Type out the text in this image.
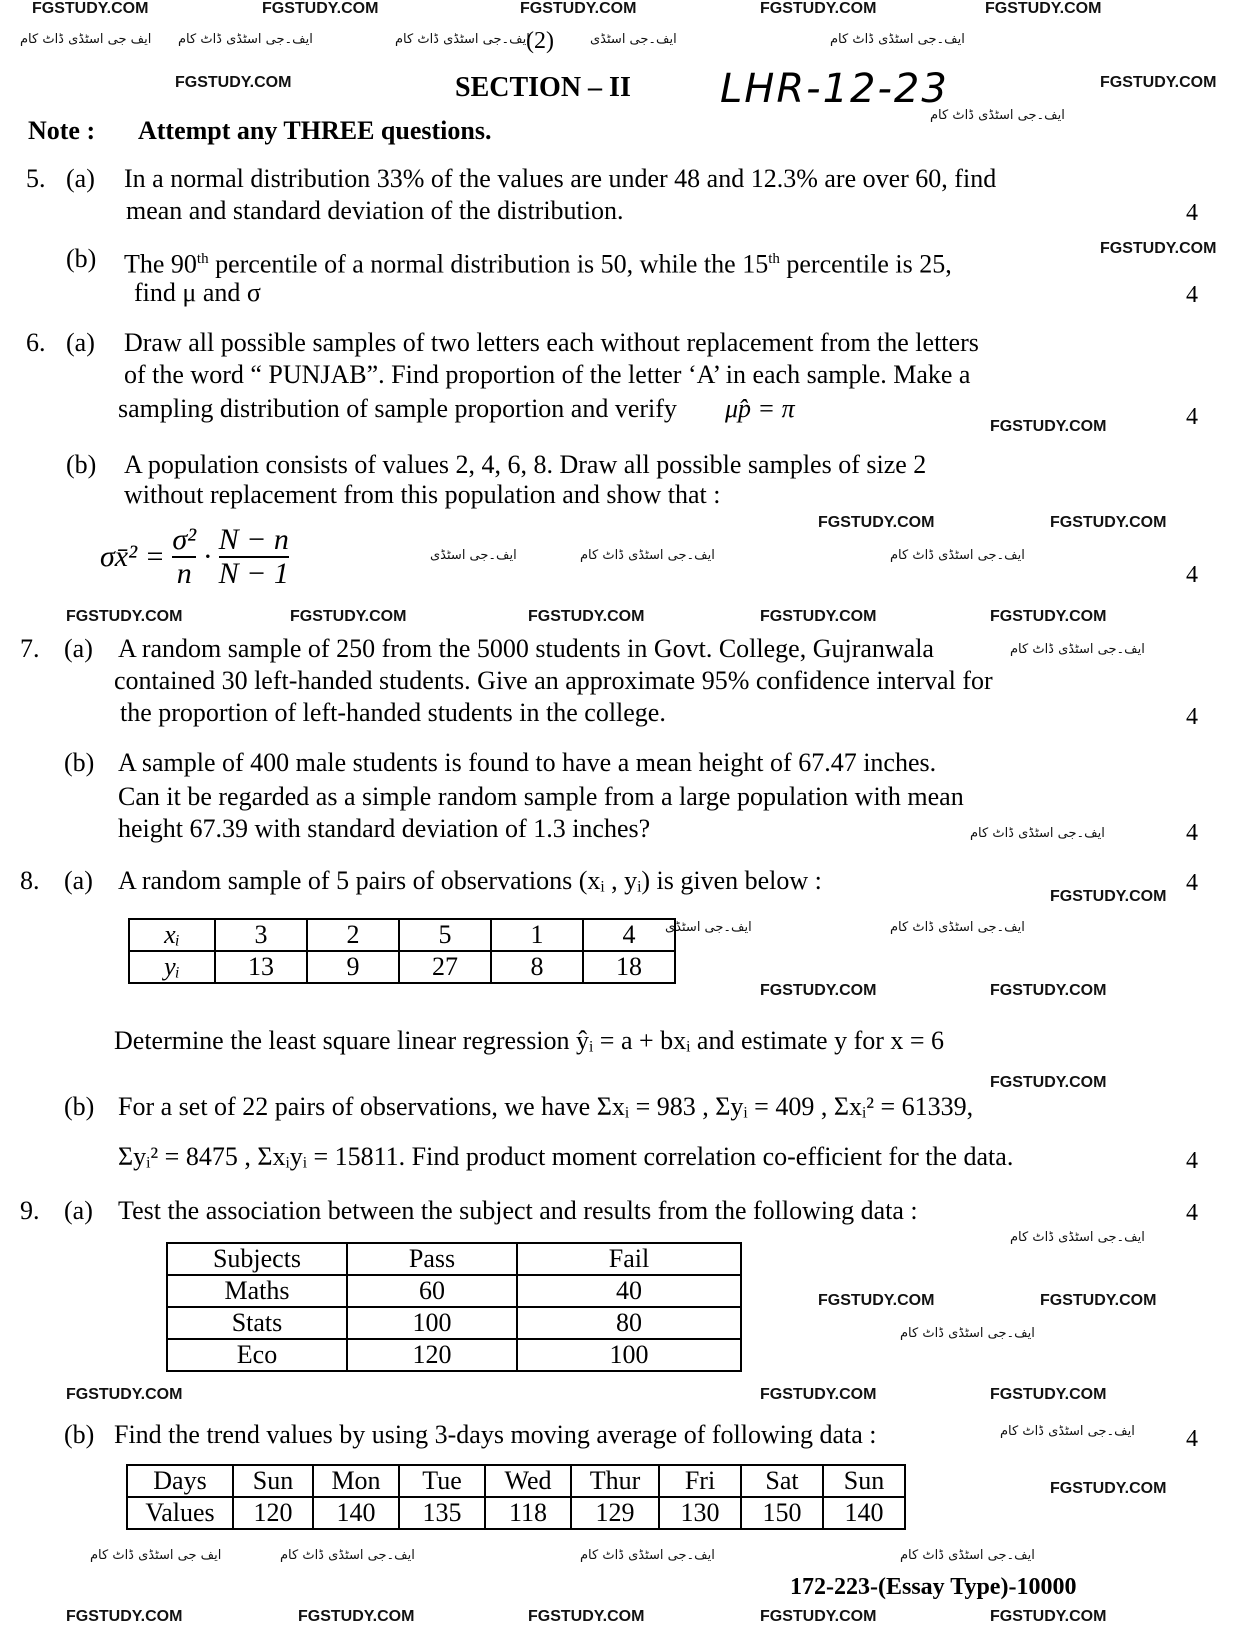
FGSTUDY.COM	FGSTUDY.COM	FGSTUDY.COM	FGSTUDY.COM	FGSTUDY.COM
ایف جی اسٹڈی ڈاٹ کام ایف۔جی اسٹڈی ڈاٹ کام	ایف۔جی اسٹڈی ڈاٹ کام	ایف۔جی اسٹڈی	ایف۔جی اسٹڈی ڈاٹ کام
(2)
FGSTUDY.COM	FGSTUDY.COM
SECTION – II LHR-12-23
ایف۔جی اسٹڈی ڈاٹ کام
Note : Attempt any THREE questions.
5. (a) In a normal distribution 33% of the values are under 48 and 12.3% are over 60, find
mean and standard deviation of the distribution.	4
(b) The 90th percentile of a normal distribution is 50, while the 15th percentile is 25,
find μ and σ	4
FGSTUDY.COM
6. (a) Draw all possible samples of two letters each without replacement from the letters
of the word “ PUNJAB”. Find proportion of the letter ‘A’ in each sample. Make a
sampling distribution of sample proportion and verify μp̂ = π	4
FGSTUDY.COM
(b) A population consists of values 2, 4, 6, 8. Draw all possible samples of size 2
without replacement from this population and show that :
FGSTUDY.COM	FGSTUDY.COM
σx̄² = $\frac{\text{σ²}}{n} \cdot \frac{N - n}{N - 1}$	ایف۔جی اسٹڈی	ایف۔جی اسٹڈی ڈاٹ کام	ایف۔جی اسٹڈی ڈاٹ کام
4
FGSTUDY.COM	FGSTUDY.COM	FGSTUDY.COM	FGSTUDY.COM	FGSTUDY.COM
7. (a) A random sample of 250 from the 5000 students in Govt. College, Gujranwala
contained 30 left-handed students. Give an approximate 95% confidence interval for
the proportion of left-handed students in the college.	4
ایف۔جی اسٹڈی ڈاٹ کام
(b) A sample of 400 male students is found to have a mean height of 67.47 inches.
Can it be regarded as a simple random sample from a large population with mean
height 67.39 with standard deviation of 1.3 inches?	4
ایف۔جی اسٹڈی ڈاٹ کام
8. (a) A random sample of 5 pairs of observations (xᵢ , yᵢ) is given below :	4
FGSTUDY.COM
xᵢ	3	2	5	1	4
yᵢ	13	9	27	8	18
ایف۔جی اسٹڈی	ایف۔جی اسٹڈی ڈاٹ کام
FGSTUDY.COM	FGSTUDY.COM
Determine the least square linear regression ŷᵢ = a + bxᵢ and estimate y for x = 6
FGSTUDY.COM
(b) For a set of 22 pairs of observations, we have Σxᵢ = 983 , Σyᵢ = 409 , Σxᵢ² = 61339,
Σyᵢ² = 8475 , Σxᵢyᵢ = 15811. Find product moment correlation co-efficient for the data.	4
9. (a) Test the association between the subject and results from the following data :	4
ایف۔جی اسٹڈی ڈاٹ کام
Subjects	Pass	Fail
Maths	60	40
Stats	100	80
Eco	120	100
FGSTUDY.COM	FGSTUDY.COM
ایف۔جی اسٹڈی ڈاٹ کام
FGSTUDY.COM	FGSTUDY.COM	FGSTUDY.COM
(b) Find the trend values by using 3-days moving average of following data :	4
ایف۔جی اسٹڈی ڈاٹ کام
Days	Sun	Mon	Tue	Wed	Thur	Fri	Sat	Sun
Values	120	140	135	118	129	130	150	140
FGSTUDY.COM
ایف جی اسٹڈی ڈاٹ کام	ایف۔جی اسٹڈی ڈاٹ کام	ایف۔جی اسٹڈی ڈاٹ کام	ایف۔جی اسٹڈی ڈاٹ کام
172-223-(Essay Type)-10000
FGSTUDY.COM	FGSTUDY.COM	FGSTUDY.COM	FGSTUDY.COM	FGSTUDY.COM
